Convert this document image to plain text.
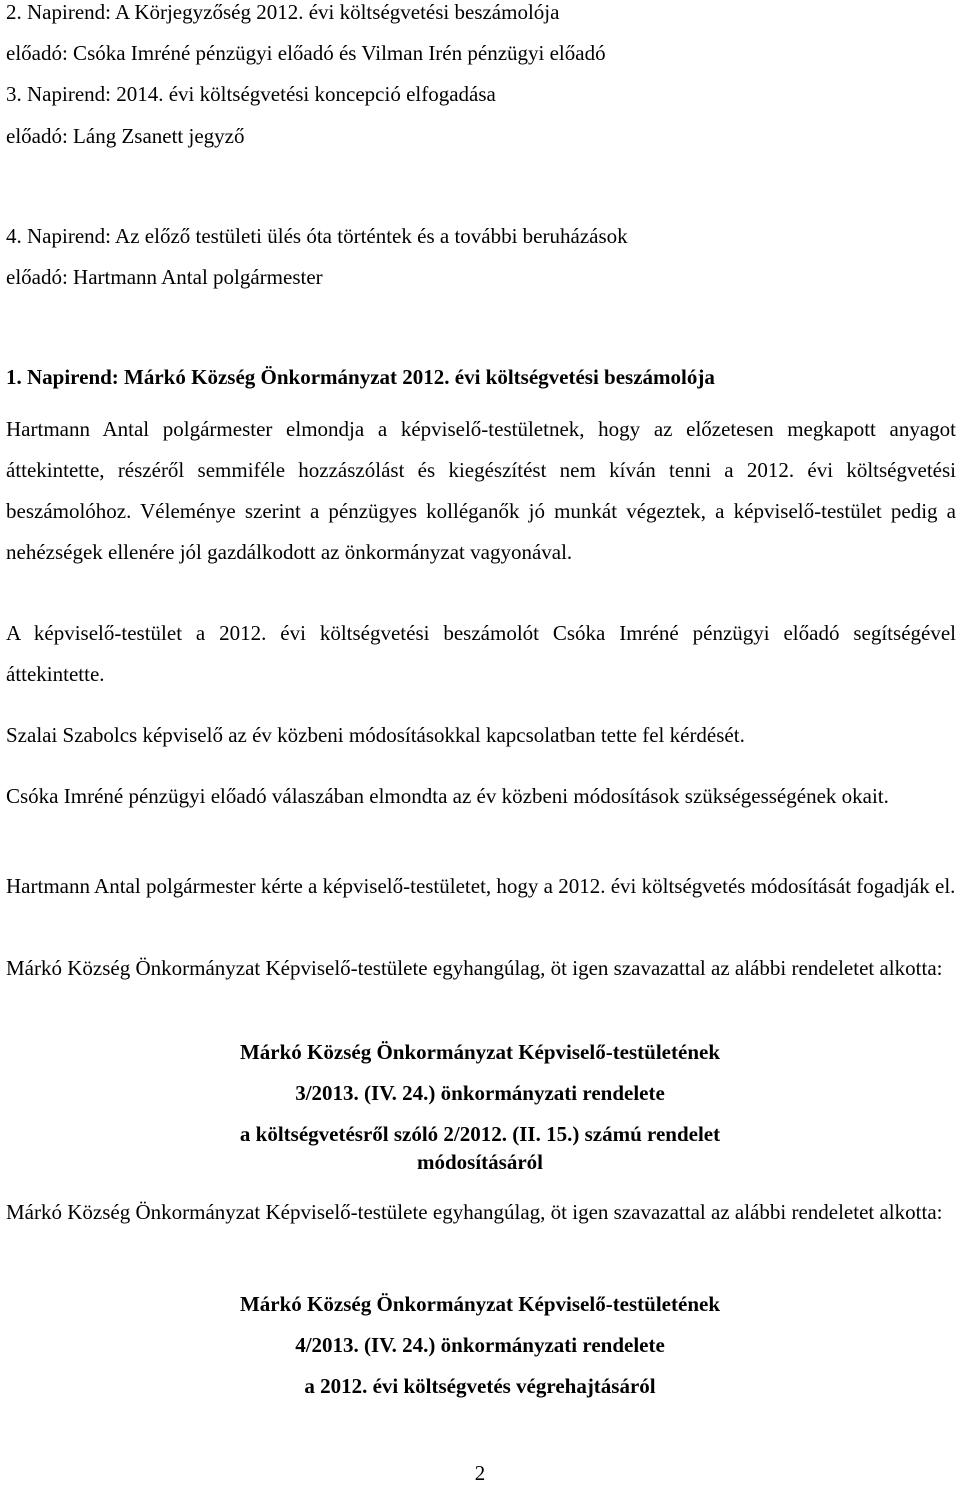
2. Napirend: A Körjegyzőség 2012. évi költségvetési beszámolója
előadó: Csóka Imréné pénzügyi előadó és Vilman Irén pénzügyi előadó
3. Napirend: 2014. évi költségvetési koncepció elfogadása
előadó: Láng Zsanett jegyző
4. Napirend: Az előző testületi ülés óta történtek és a további beruházások
előadó: Hartmann Antal polgármester
1. Napirend: Márkó Község Önkormányzat 2012. évi költségvetési beszámolója
Hartmann Antal polgármester elmondja a képviselő-testületnek, hogy az előzetesen megkapott anyagot áttekintette, részéről semmiféle hozzászólást és kiegészítést nem kíván tenni a 2012. évi költségvetési beszámolóhoz. Véleménye szerint a pénzügyes kolléganők jó munkát végeztek, a képviselő-testület pedig a nehézségek ellenére jól gazdálkodott az önkormányzat vagyonával.
A képviselő-testület a 2012. évi költségvetési beszámolót Csóka Imréné pénzügyi előadó segítségével áttekintette.
Szalai Szabolcs képviselő az év közbeni módosításokkal kapcsolatban tette fel kérdését.
Csóka Imréné pénzügyi előadó válaszában elmondta az év közbeni módosítások szükségességének okait.
Hartmann Antal polgármester kérte a képviselő-testületet, hogy a 2012. évi költségvetés módosítását fogadják el.
Márkó Község Önkormányzat Képviselő-testülete egyhangúlag, öt igen szavazattal az alábbi rendeletet alkotta:
Márkó Község Önkormányzat Képviselő-testületének
3/2013. (IV. 24.) önkormányzati rendelete
a költségvetésről szóló 2/2012. (II. 15.) számú rendelet
módosításáról
Márkó Község Önkormányzat Képviselő-testülete egyhangúlag, öt igen szavazattal az alábbi rendeletet alkotta:
Márkó Község Önkormányzat Képviselő-testületének
4/2013. (IV. 24.) önkormányzati rendelete
a 2012. évi költségvetés végrehajtásáról
2
